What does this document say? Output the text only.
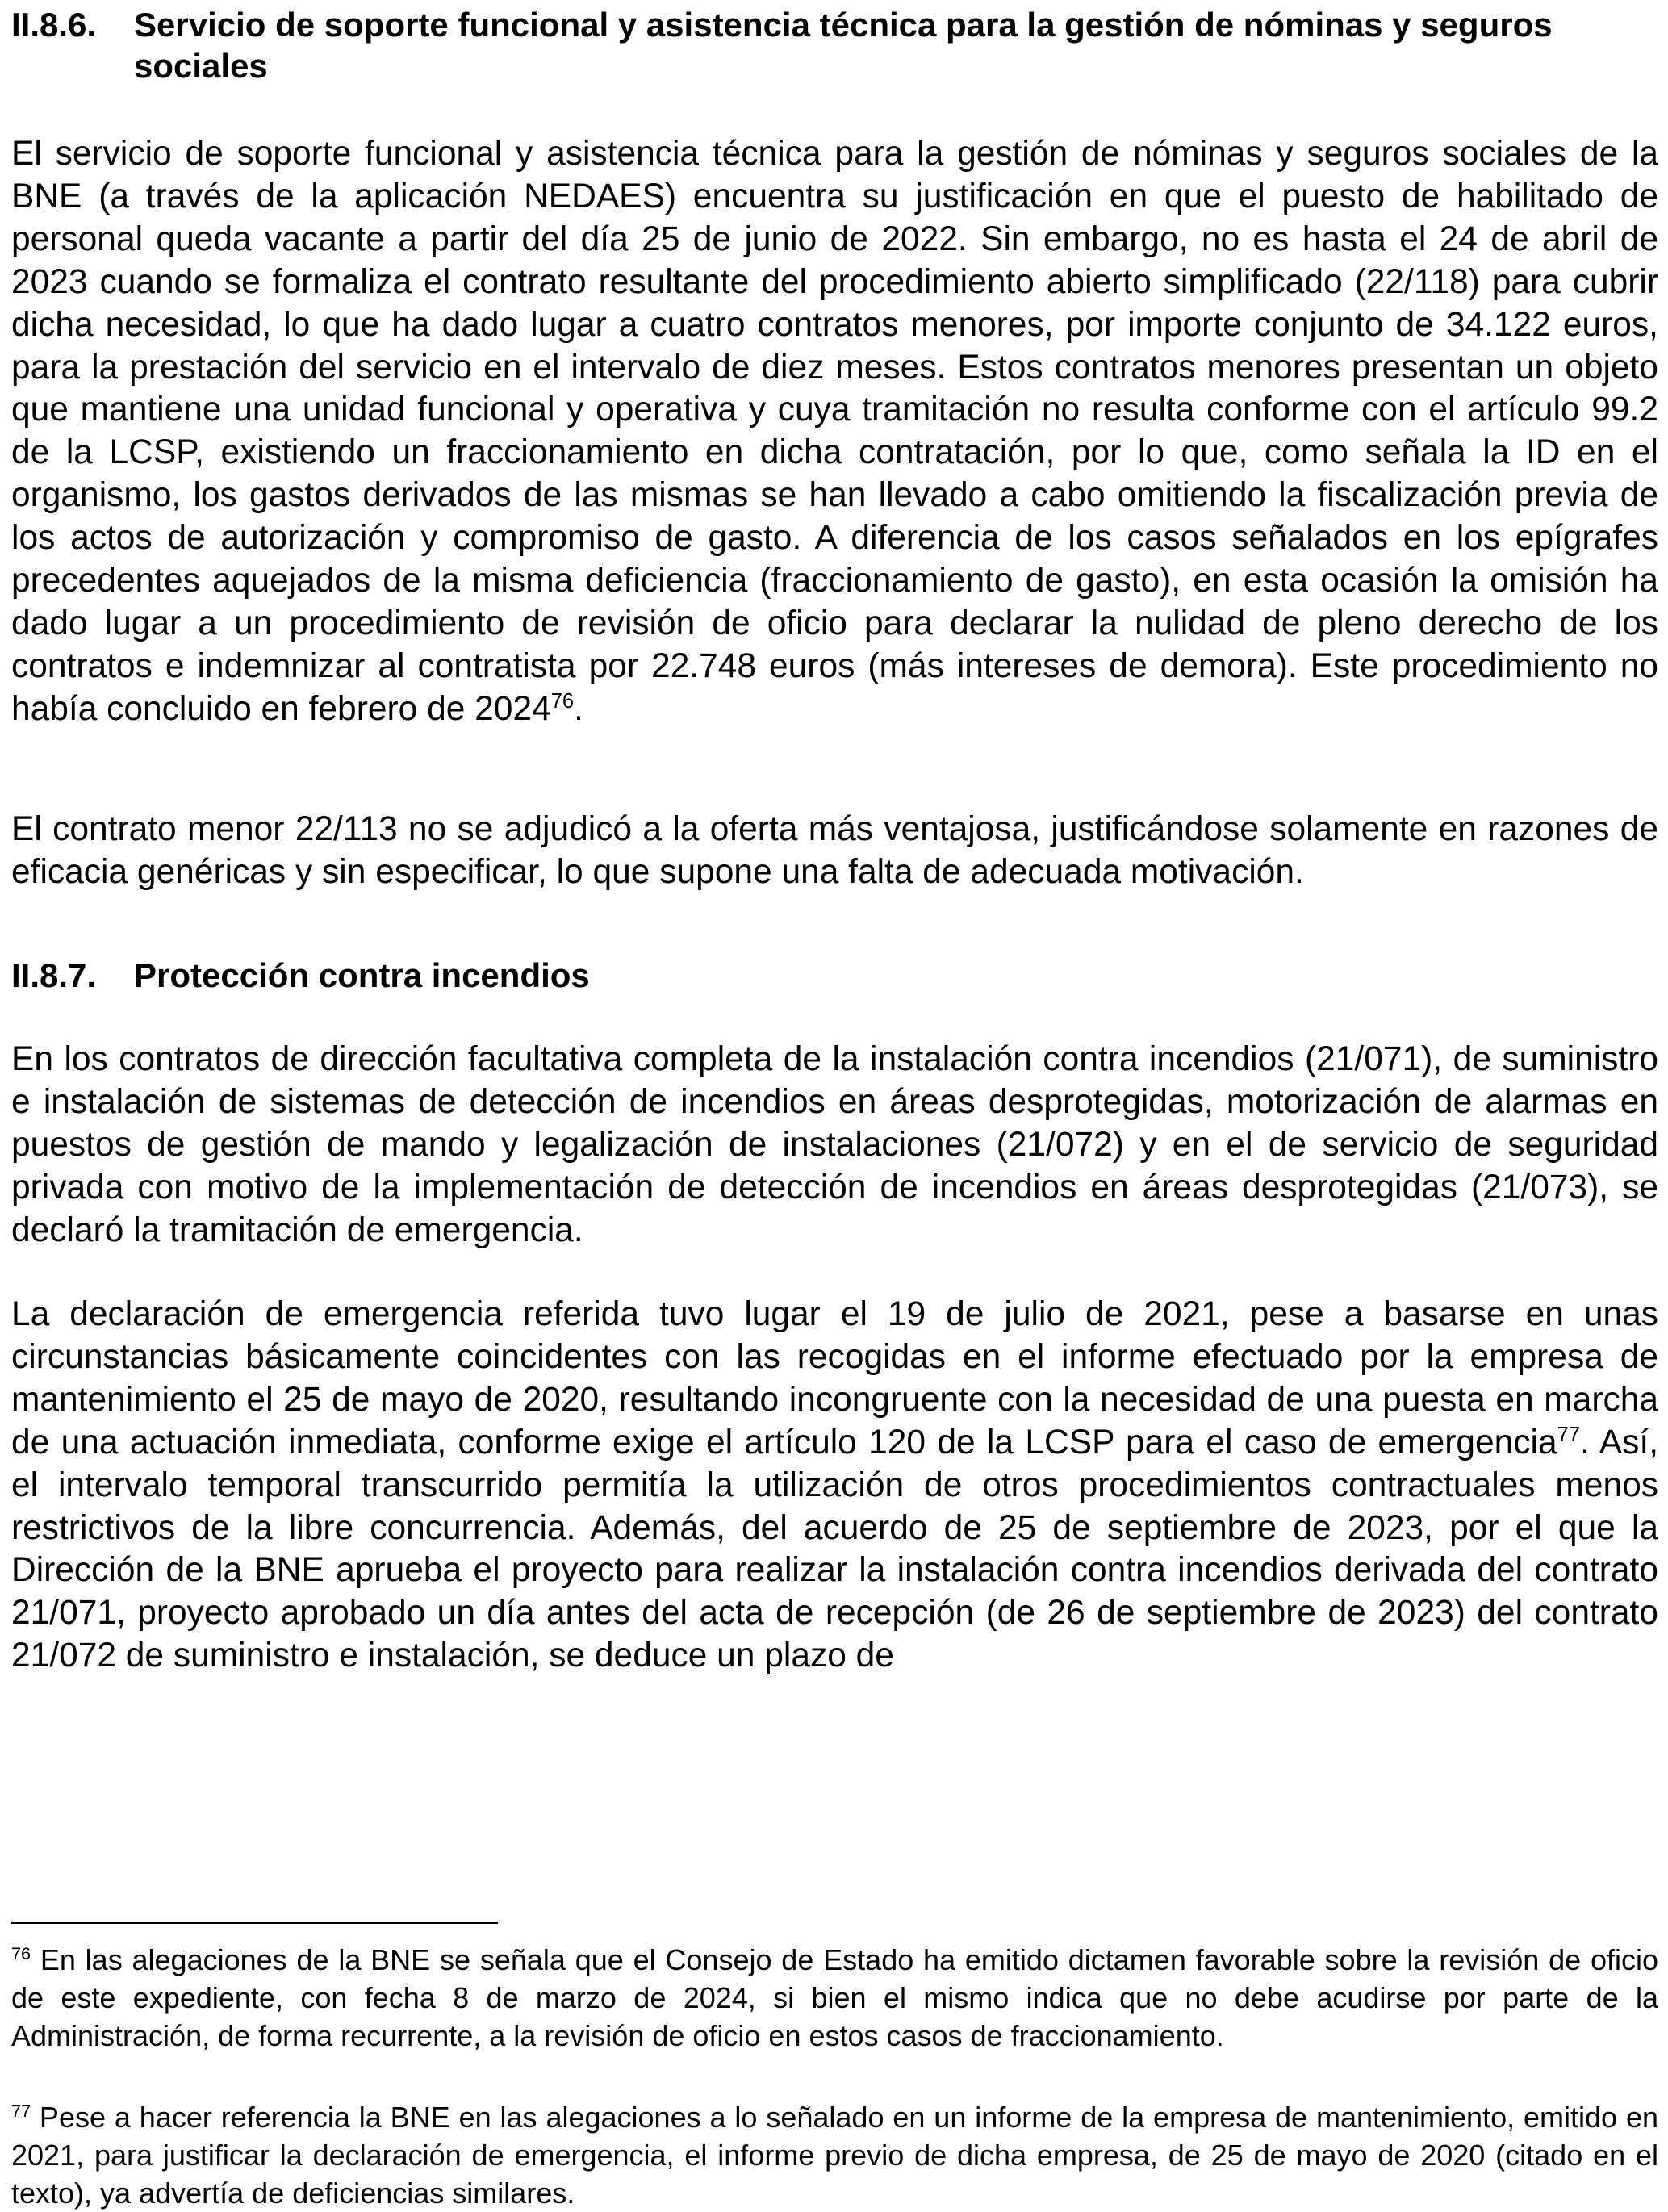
II.8.6. Servicio de soporte funcional y asistencia técnica para la gestión de nóminas y seguros sociales

El servicio de soporte funcional y asistencia técnica para la gestión de nóminas y seguros sociales de la BNE (a través de la aplicación NEDAES) encuentra su justificación en que el puesto de habilitado de personal queda vacante a partir del día 25 de junio de 2022. Sin embargo, no es hasta el 24 de abril de 2023 cuando se formaliza el contrato resultante del procedimiento abierto simplificado (22/118) para cubrir dicha necesidad, lo que ha dado lugar a cuatro contratos menores, por importe conjunto de 34.122 euros, para la prestación del servicio en el intervalo de diez meses. Estos contratos menores presentan un objeto que mantiene una unidad funcional y operativa y cuya tramitación no resulta conforme con el artículo 99.2 de la LCSP, existiendo un fraccionamiento en dicha contratación, por lo que, como señala la ID en el organismo, los gastos derivados de las mismas se han llevado a cabo omitiendo la fiscalización previa de los actos de autorización y compromiso de gasto. A diferencia de los casos señalados en los epígrafes precedentes aquejados de la misma deficiencia (fraccionamiento de gasto), en esta ocasión la omisión ha dado lugar a un procedimiento de revisión de oficio para declarar la nulidad de pleno derecho de los contratos e indemnizar al contratista por 22.748 euros (más intereses de demora). Este procedimiento no había concluido en febrero de 2024$^{76}$.

El contrato menor 22/113 no se adjudicó a la oferta más ventajosa, justificándose solamente en razones de eficacia genéricas y sin especificar, lo que supone una falta de adecuada motivación.

II.8.7. Protección contra incendios

En los contratos de dirección facultativa completa de la instalación contra incendios (21/071), de suministro e instalación de sistemas de detección de incendios en áreas desprotegidas, motorización de alarmas en puestos de gestión de mando y legalización de instalaciones (21/072) y en el de servicio de seguridad privada con motivo de la implementación de detección de incendios en áreas desprotegidas (21/073), se declaró la tramitación de emergencia.

La declaración de emergencia referida tuvo lugar el 19 de julio de 2021, pese a basarse en unas circunstancias básicamente coincidentes con las recogidas en el informe efectuado por la empresa de mantenimiento el 25 de mayo de 2020, resultando incongruente con la necesidad de una puesta en marcha de una actuación inmediata, conforme exige el artículo 120 de la LCSP para el caso de emergencia$^{77}$. Así, el intervalo temporal transcurrido permitía la utilización de otros procedimientos contractuales menos restrictivos de la libre concurrencia. Además, del acuerdo de 25 de septiembre de 2023, por el que la Dirección de la BNE aprueba el proyecto para realizar la instalación contra incendios derivada del contrato 21/071, proyecto aprobado un día antes del acta de recepción (de 26 de septiembre de 2023) del contrato 21/072 de suministro e instalación, se deduce un plazo de

$^{76}$ En las alegaciones de la BNE se señala que el Consejo de Estado ha emitido dictamen favorable sobre la revisión de oficio de este expediente, con fecha 8 de marzo de 2024, si bien el mismo indica que no debe acudirse por parte de la Administración, de forma recurrente, a la revisión de oficio en estos casos de fraccionamiento.

$^{77}$ Pese a hacer referencia la BNE en las alegaciones a lo señalado en un informe de la empresa de mantenimiento, emitido en 2021, para justificar la declaración de emergencia, el informe previo de dicha empresa, de 25 de mayo de 2020 (citado en el texto), ya advertía de deficiencias similares.
